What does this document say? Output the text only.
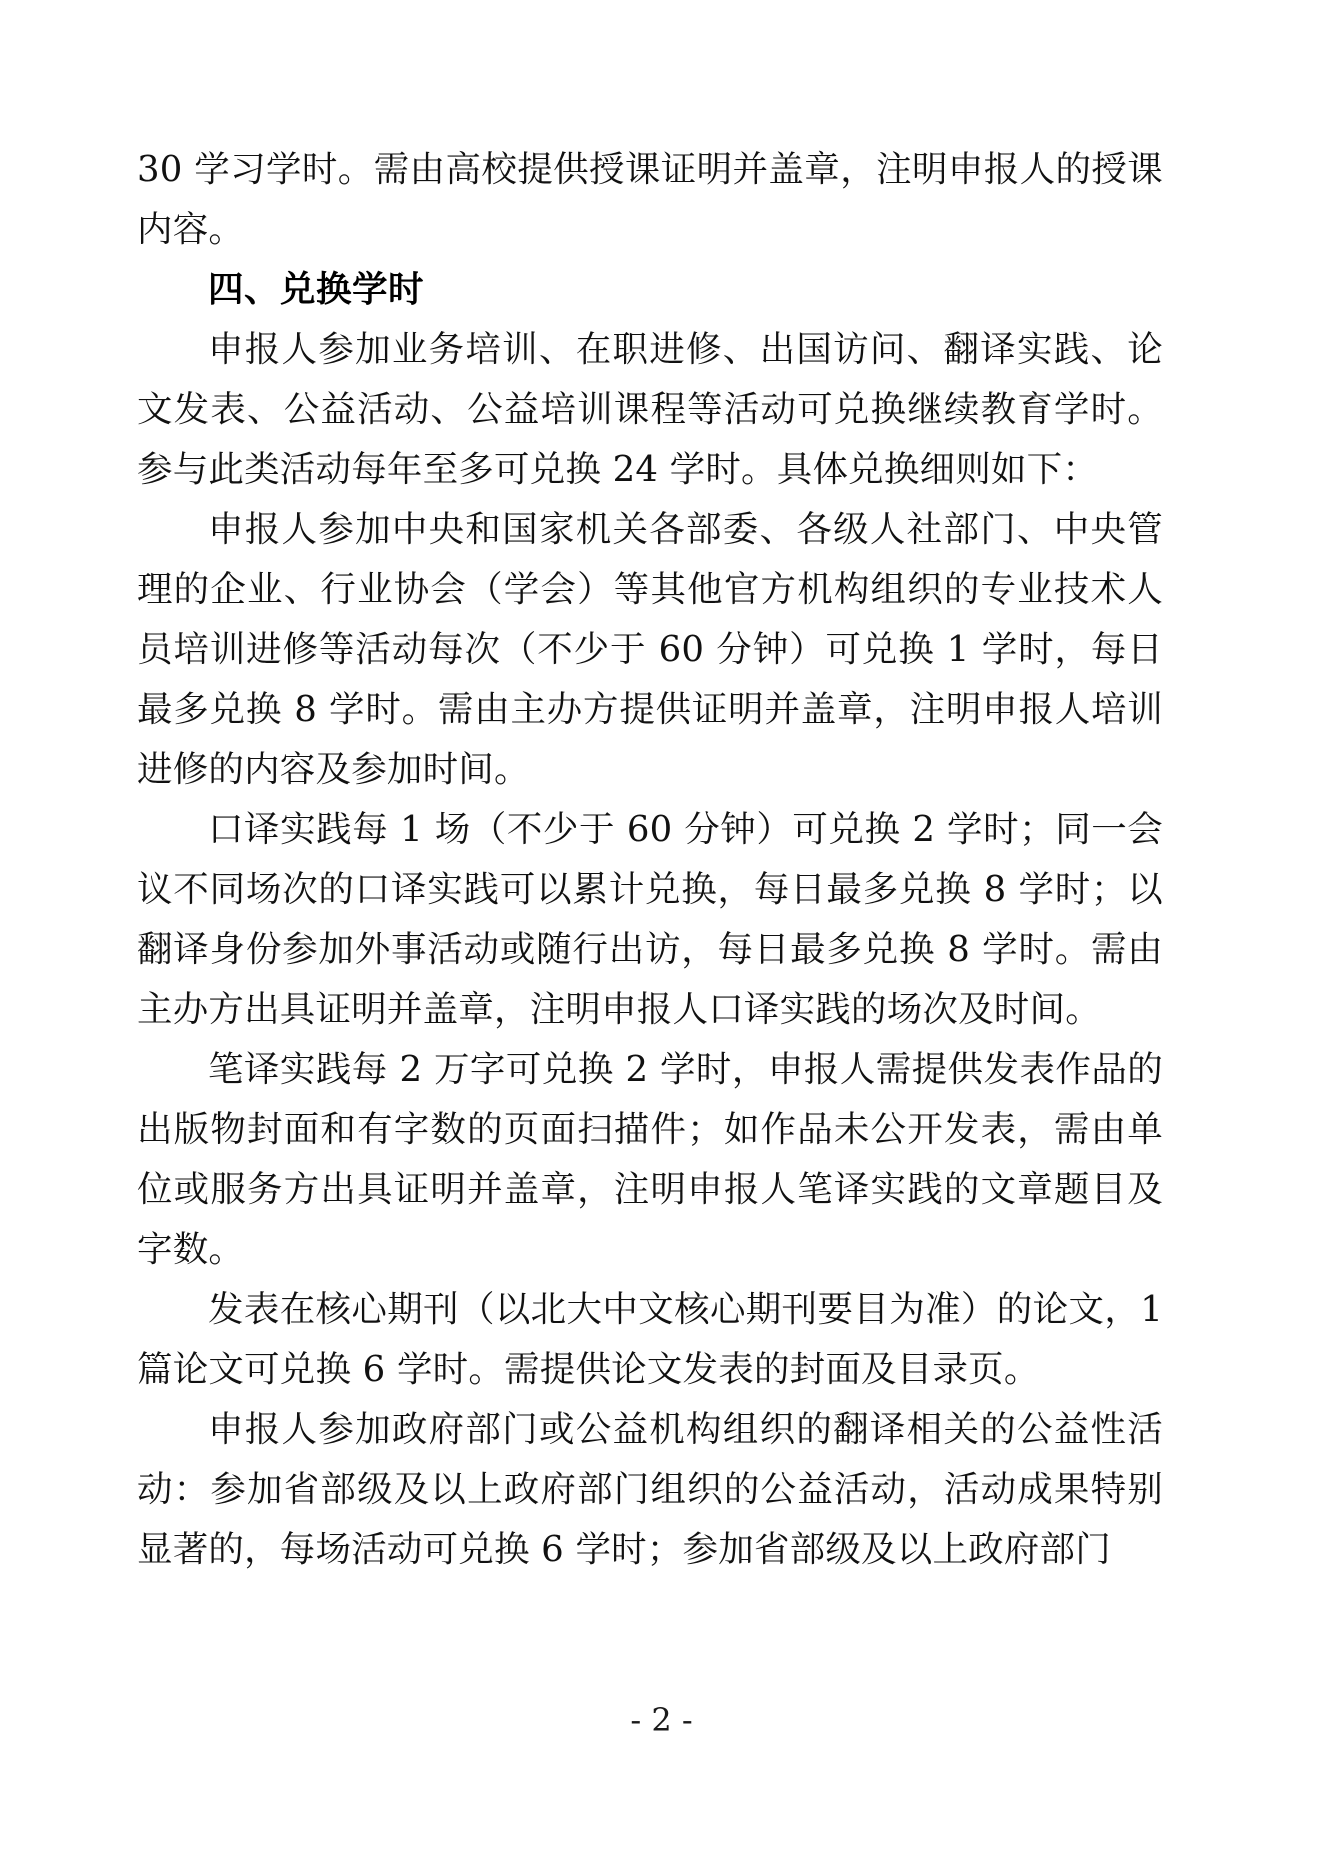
30 学习学时。需由高校提供授课证明并盖章，注明申报人的授课内容。

四、兑换学时

申报人参加业务培训、在职进修、出国访问、翻译实践、论文发表、公益活动、公益培训课程等活动可兑换继续教育学时。参与此类活动每年至多可兑换 24 学时。具体兑换细则如下：

申报人参加中央和国家机关各部委、各级人社部门、中央管理的企业、行业协会（学会）等其他官方机构组织的专业技术人员培训进修等活动每次（不少于 60 分钟）可兑换 1 学时，每日最多兑换 8 学时。需由主办方提供证明并盖章，注明申报人培训进修的内容及参加时间。

口译实践每 1 场（不少于 60 分钟）可兑换 2 学时；同一会议不同场次的口译实践可以累计兑换，每日最多兑换 8 学时；以翻译身份参加外事活动或随行出访，每日最多兑换 8 学时。需由主办方出具证明并盖章，注明申报人口译实践的场次及时间。

笔译实践每 2 万字可兑换 2 学时，申报人需提供发表作品的出版物封面和有字数的页面扫描件；如作品未公开发表，需由单位或服务方出具证明并盖章，注明申报人笔译实践的文章题目及字数。

发表在核心期刊（以北大中文核心期刊要目为准）的论文，1 篇论文可兑换 6 学时。需提供论文发表的封面及目录页。

申报人参加政府部门或公益机构组织的翻译相关的公益性活动：参加省部级及以上政府部门组织的公益活动，活动成果特别显著的，每场活动可兑换 6 学时；参加省部级及以上政府部门

- 2 -
